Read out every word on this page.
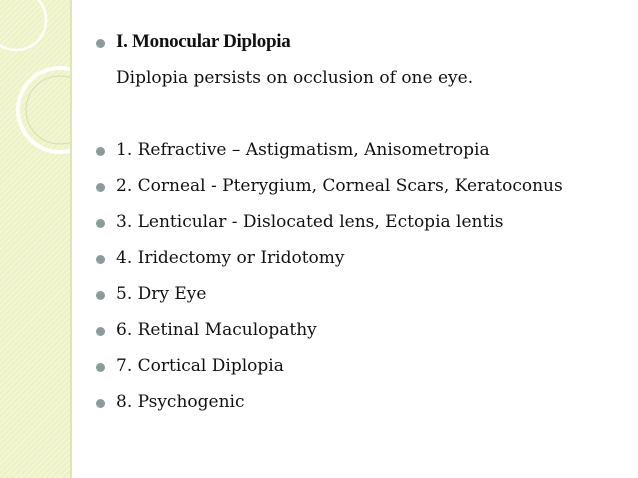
I. Monocular Diplopia
Diplopia persists on occlusion of one eye.
1. Refractive – Astigmatism, Anisometropia
2. Corneal - Pterygium, Corneal Scars, Keratoconus
3. Lenticular - Dislocated lens, Ectopia lentis
4. Iridectomy or Iridotomy
5. Dry Eye
6. Retinal Maculopathy
7. Cortical Diplopia
8. Psychogenic
